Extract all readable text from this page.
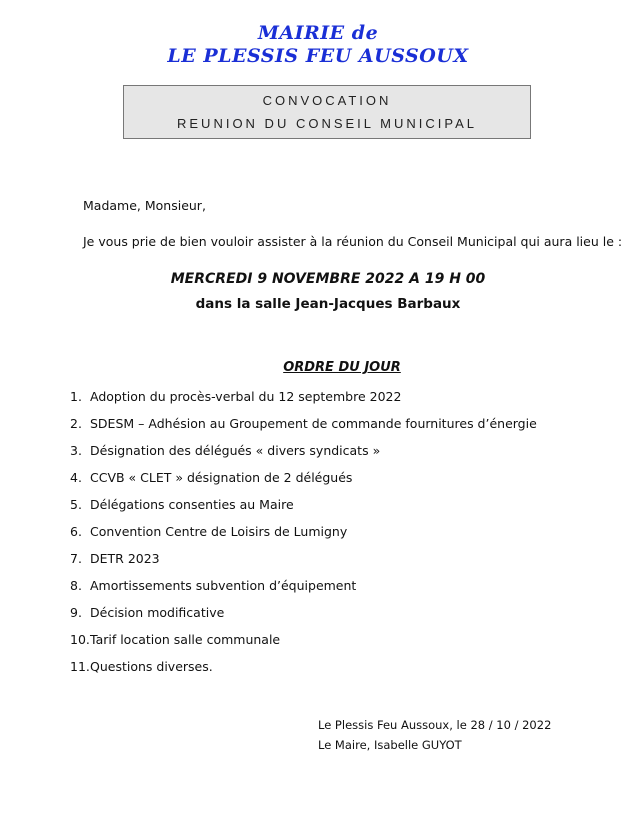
MAIRIE de
LE PLESSIS FEU AUSSOUX
CONVOCATION
REUNION DU CONSEIL MUNICIPAL
Madame, Monsieur,
Je vous prie de bien vouloir assister à la réunion du Conseil Municipal qui aura lieu le :
MERCREDI 9 NOVEMBRE 2022 A 19 H 00
dans la salle Jean-Jacques Barbaux
ORDRE DU JOUR
1. Adoption du procès-verbal du 12 septembre 2022
2. SDESM – Adhésion au Groupement de commande fournitures d’énergie
3. Désignation des délégués « divers syndicats »
4. CCVB « CLET » désignation de 2 délégués
5. Délégations consenties au Maire
6. Convention Centre de Loisirs de Lumigny
7. DETR 2023
8. Amortissements subvention d’équipement
9. Décision modificative
10.Tarif location salle communale
11.Questions diverses.
Le Plessis Feu Aussoux, le 28 / 10 / 2022
Le Maire, Isabelle GUYOT
